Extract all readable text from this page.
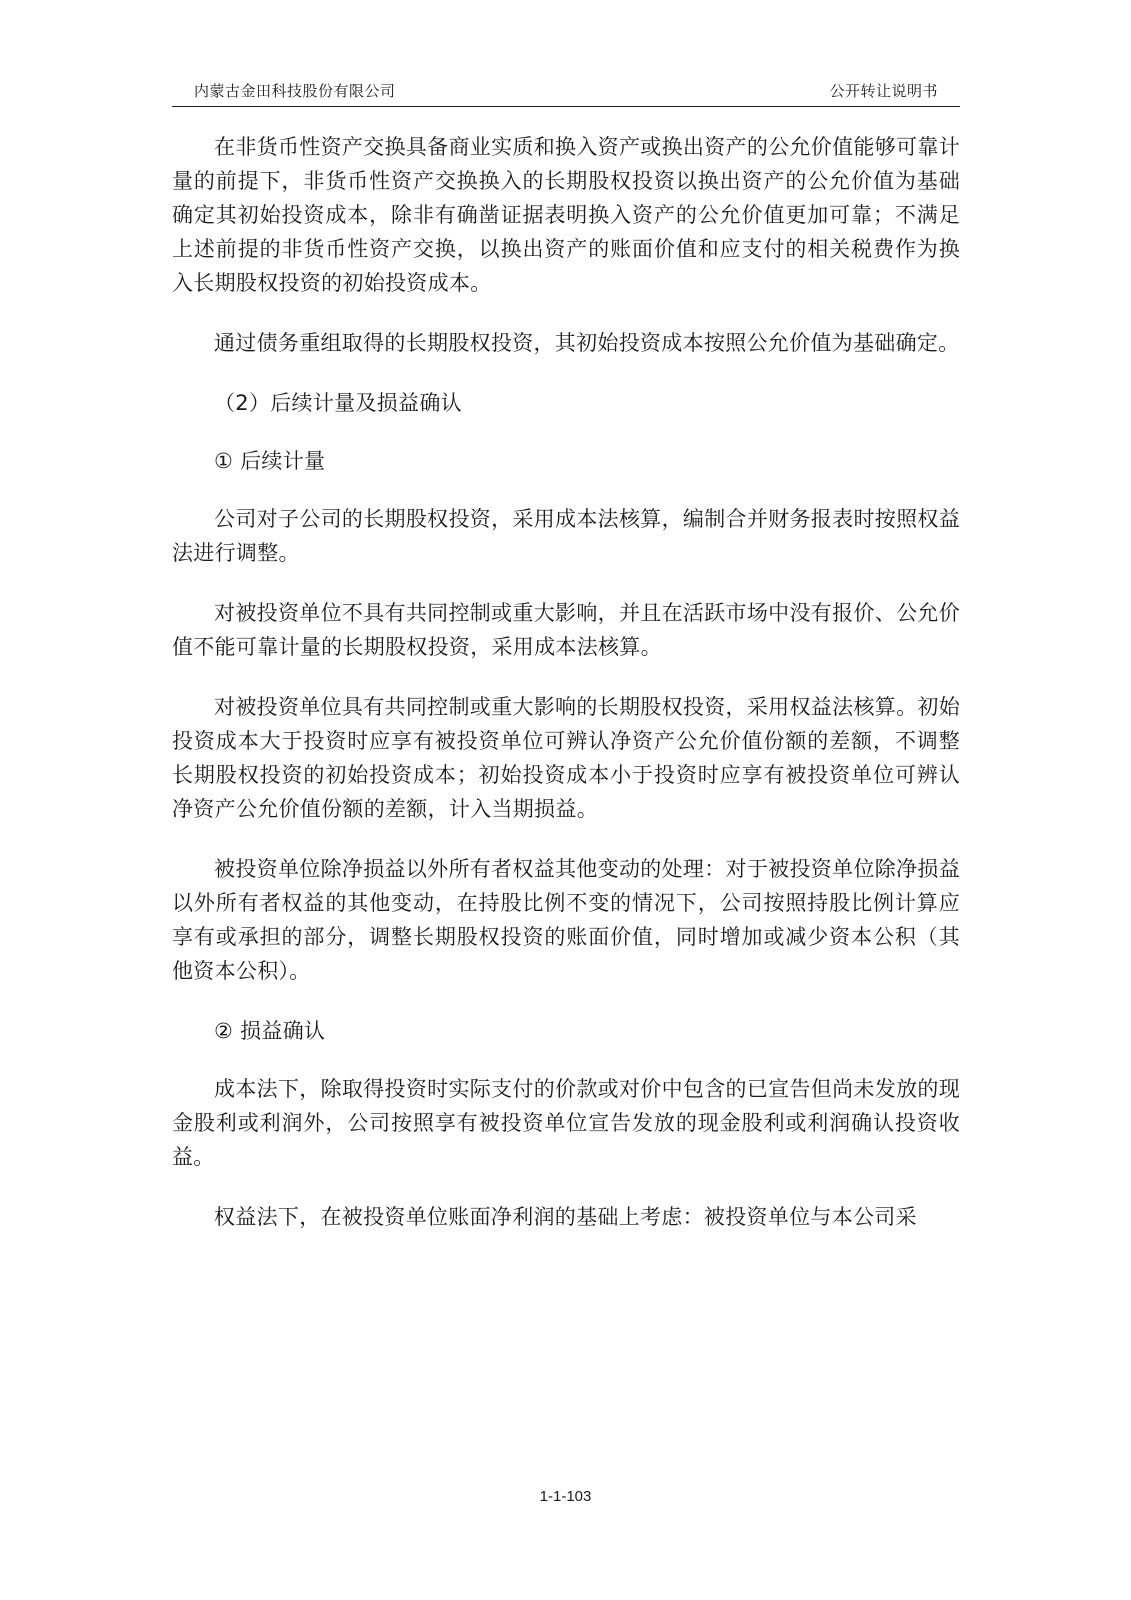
内蒙古金田科技股份有限公司	公开转让说明书

在非货币性资产交换具备商业实质和换入资产或换出资产的公允价值能够可靠计量的前提下，非货币性资产交换换入的长期股权投资以换出资产的公允价值为基础确定其初始投资成本，除非有确凿证据表明换入资产的公允价值更加可靠；不满足上述前提的非货币性资产交换，以换出资产的账面价值和应支付的相关税费作为换入长期股权投资的初始投资成本。

通过债务重组取得的长期股权投资，其初始投资成本按照公允价值为基础确定。

（2）后续计量及损益确认

① 后续计量

公司对子公司的长期股权投资，采用成本法核算，编制合并财务报表时按照权益法进行调整。

对被投资单位不具有共同控制或重大影响，并且在活跃市场中没有报价、公允价值不能可靠计量的长期股权投资，采用成本法核算。

对被投资单位具有共同控制或重大影响的长期股权投资，采用权益法核算。初始投资成本大于投资时应享有被投资单位可辨认净资产公允价值份额的差额，不调整长期股权投资的初始投资成本；初始投资成本小于投资时应享有被投资单位可辨认净资产公允价值份额的差额，计入当期损益。

被投资单位除净损益以外所有者权益其他变动的处理：对于被投资单位除净损益以外所有者权益的其他变动，在持股比例不变的情况下，公司按照持股比例计算应享有或承担的部分，调整长期股权投资的账面价值，同时增加或减少资本公积（其他资本公积）。

② 损益确认

成本法下，除取得投资时实际支付的价款或对价中包含的已宣告但尚未发放的现金股利或利润外，公司按照享有被投资单位宣告发放的现金股利或利润确认投资收益。

权益法下，在被投资单位账面净利润的基础上考虑：被投资单位与本公司采

1-1-103
